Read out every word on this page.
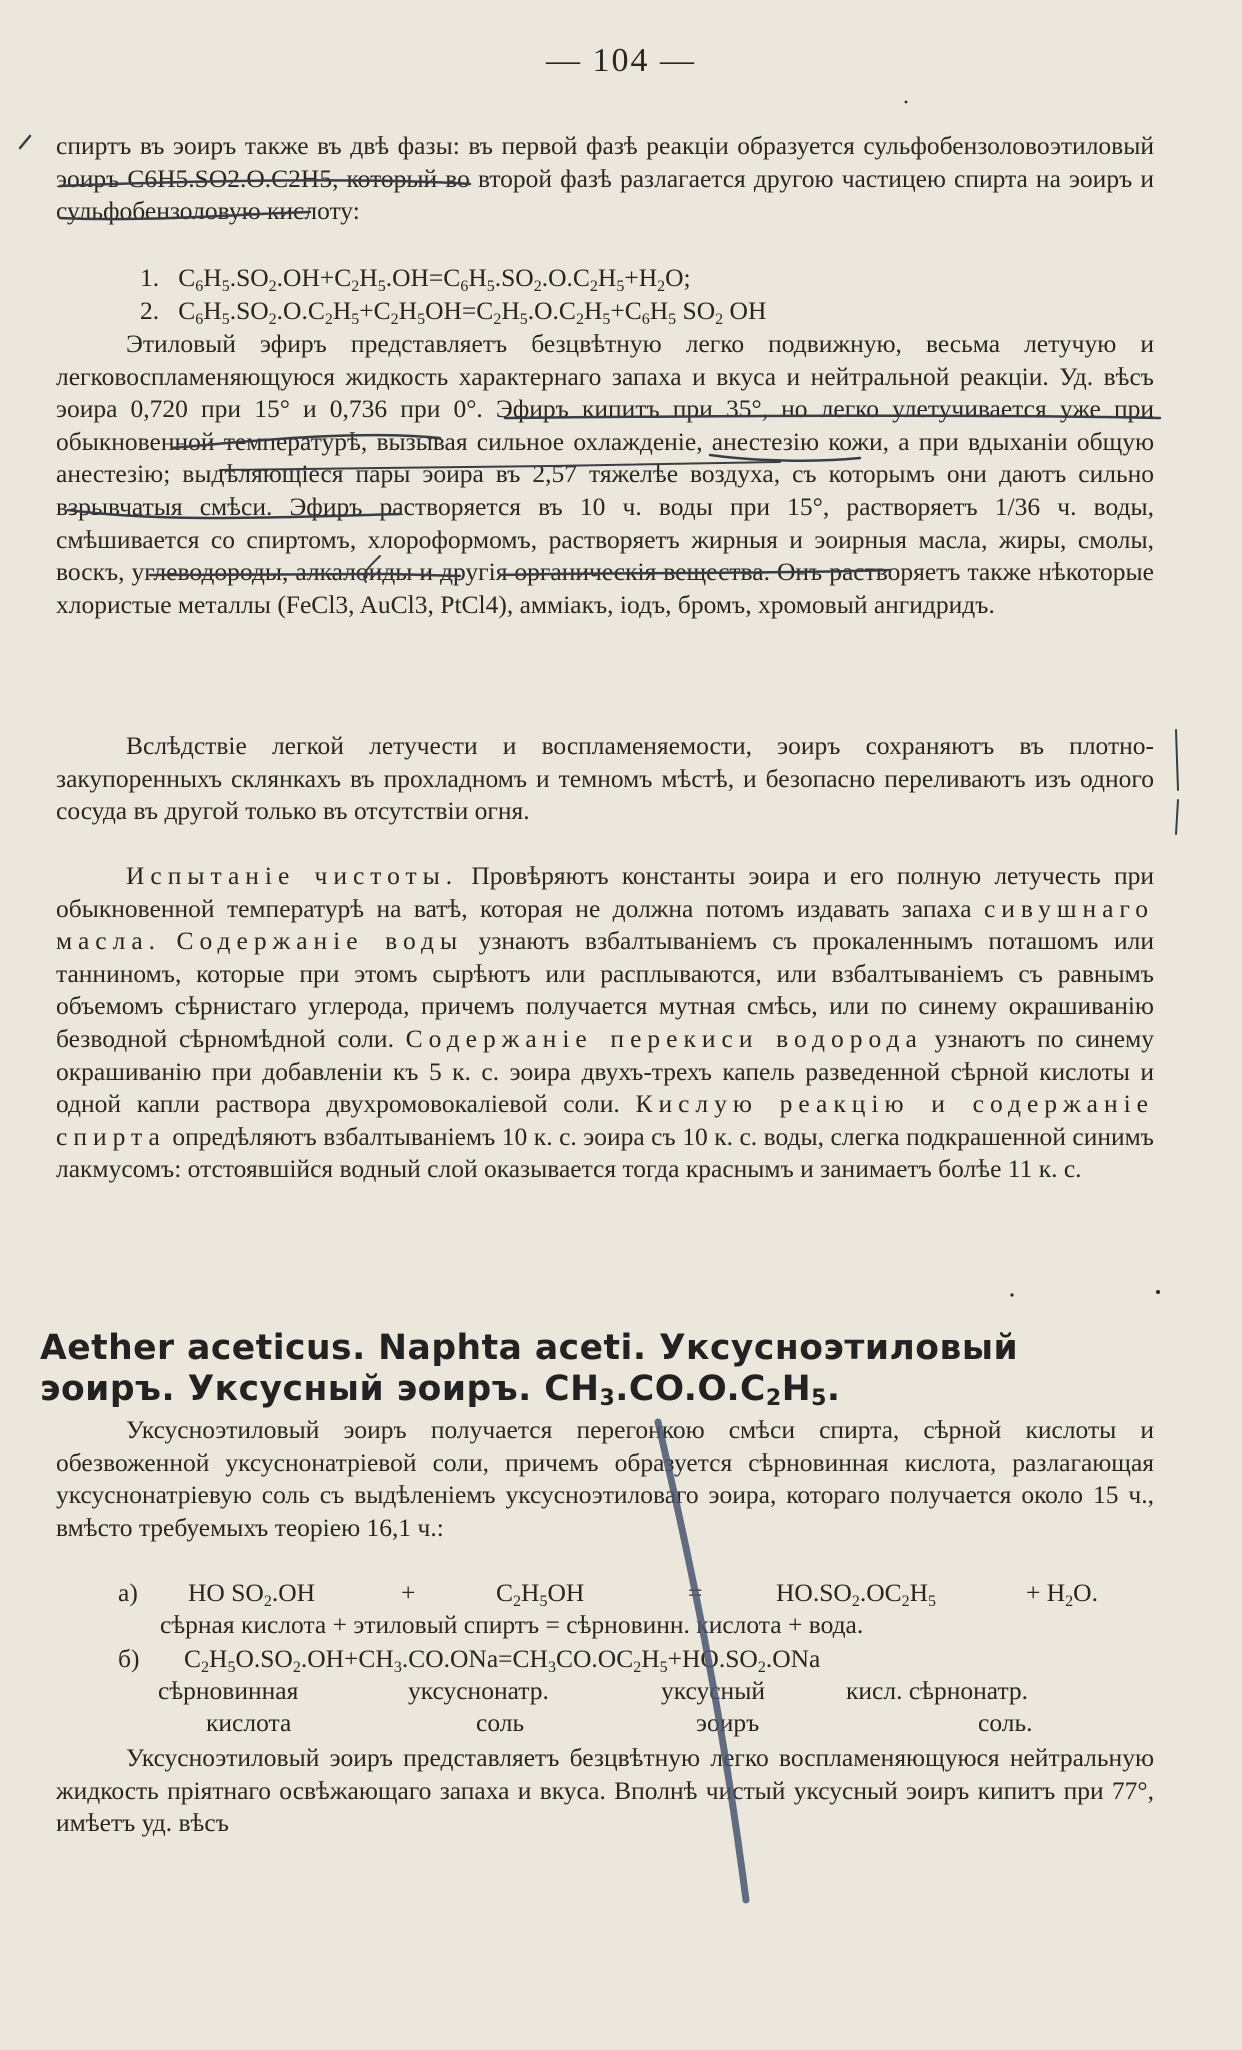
— 104 —
спиртъ въ эоиръ также въ двѣ фазы: въ первой фазѣ реакціи образуется сульфобензоловоэтиловый эоиръ C6H5.SO2.O.C2H5, который во второй фазѣ разлагается другою частицею спирта на эоиръ и сульфобензоловую кислоту:
1.   $C_6H_5.SO_2.OH+C_2H_5.OH=C_6H_5.SO_2.O.C_2H_5+H_2O$;
2.   $C_6H_5.SO_2.O.C_2H_5+C_2H_5OH=C_2H_5.O.C_2H_5+C_6H_5$ $SO_2$ OH
Этиловый эфиръ представляетъ безцвѣтную легко подвижную, весьма летучую и легковоспламеняющуюся жидкость характернаго запаха и вкуса и нейтральной реакціи. Уд. вѣсъ эоира 0,720 при 15° и 0,736 при 0°. Эфиръ кипитъ при 35°, но легко улетучивается уже при обыкновенной температурѣ, вызывая сильное охлажденіе, анестезію кожи, а при вдыханіи общую анестезію; выдѣляющіеся пары эоира въ 2,57 тяжелѣе воздуха, съ которымъ они даютъ сильно взрывчатыя смѣси. Эфиръ растворяется въ 10 ч. воды при 15°, растворяетъ 1/36 ч. воды, смѣшивается со спиртомъ, хлороформомъ, растворяетъ жирныя и эоирныя масла, жиры, смолы, воскъ, углеводороды, алкалоиды и другія органическія вещества. Онъ растворяетъ также нѣкоторые хлористые металлы (FeCl3, AuCl3, PtCl4), аммiакъ, iодъ, бромъ, хромовый ангидридъ.
Вслѣдствіе легкой летучести и воспламеняемости, эоиръ сохраняютъ въ плотно-закупоренныхъ склянкахъ въ прохладномъ и темномъ мѣстѣ, и безопасно переливаютъ изъ одного сосуда въ другой только въ отсутствіи огня.
Испытаніе чистоты. Провѣряютъ константы эоира и его полную летучесть при обыкновенной температурѣ на ватѣ, которая не должна потомъ издавать запаха сивушнаго масла. Содержаніе воды узнаютъ взбалтываніемъ съ прокаленнымъ поташомъ или танниномъ, которые при этомъ сырѣютъ или расплываются, или взбалтываніемъ съ равнымъ объемомъ сѣрнистаго углерода, причемъ получается мутная смѣсь, или по синему окрашиванію безводной сѣрномѣдной соли. Содержаніе перекиси водорода узнаютъ по синему окрашиванію при добавленіи къ 5 к. с. эоира двухъ-трехъ капель разведенной сѣрной кислоты и одной капли раствора двухромовокаліевой соли. Кислую реакцію и содержаніе спирта опредѣляютъ взбалтываніемъ 10 к. с. эоира съ 10 к. с. воды, слегка подкрашенной синимъ лакмусомъ: отстоявшійся водный слой оказывается тогда краснымъ и занимаетъ болѣе 11 к. с.
Aether aceticus. Naphta aceti. Уксусноэтиловый
эоиръ. Уксусный эоиръ. $CH_3.CO.O.C_2H_5$.
Уксусноэтиловый эоиръ получается перегонкою смѣси спирта, сѣрной кислоты и обезвоженной уксуснонатріевой соли, причемъ образуется сѣрновинная кислота, разлагающая уксуснонатріевую соль съ выдѣленіемъ уксусноэтиловаго эоира, котораго получается около 15 ч., вмѣсто требуемыхъ теоріею 16,1 ч.:
а) HO $SO_2.OH$	+	$C_2H_5OH$	=	$HO.SO_2.OC_2H_5$	+ $H_2O$.
сѣрная кислота + этиловый спиртъ = сѣрновинн. кислота + вода.
б) $C_2H_5O.SO_2.OH+CH_3.CO.ONa=CH_3CO.OC_2H_5+HO.SO_2.ONa$
сѣрновинная	уксуснонатр.	уксусный	кисл. сѣрнонатр.
кислота	соль	эоиръ	соль.
Уксусноэтиловый эоиръ представляетъ безцвѣтную легко воспламеняющуюся нейтральную жидкость пріятнаго освѣжающаго запаха и вкуса. Вполнѣ чистый уксусный эоиръ кипитъ при 77°, имѣетъ уд. вѣсъ
